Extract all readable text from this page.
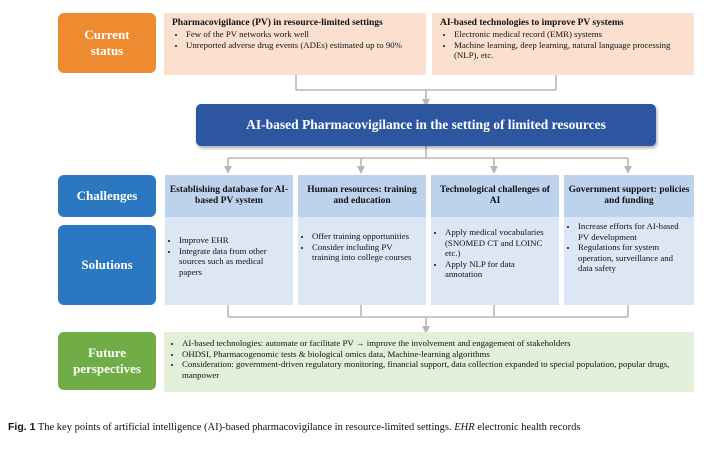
Current status
Pharmacovigilance (PV) in resource-limited settings
• Few of the PV networks work well
• Unreported adverse drug events (ADEs) estimated up to 90%
AI-based technologies to improve PV systems
• Electronic medical record (EMR) systems
• Machine learning, deep learning, natural language processing (NLP), etc.
AI-based Pharmacovigilance in the setting of limited resources
Challenges	Establishing database for AI-based PV system
Human resources: training and education
Technological challenges of AI
Government support: policies and funding
Solutions
• Improve EHR
• Integrate data from other sources such as medical papers
• Offer training opportunities
• Consider including PV training into college courses
• Apply medical vocabularies (SNOMED CT and LOINC etc.)
• Apply NLP for data annotation
• Increase efforts for AI-based PV development
• Regulations for system operation, surveillance and data safety
Future perspectives
• AI-based technologies: automate or facilitate PV → improve the involvement and engagement of stakeholders
• OHDSI, Pharmacogenomic tests & biological omics data, Machine-learning algorithms
• Consideration: government-driven regulatory monitoring, financial support, data collection expanded to special population, popular drugs, manpower
Fig. 1 The key points of artificial intelligence (AI)-based pharmacovigilance in resource-limited settings. EHR electronic health records
